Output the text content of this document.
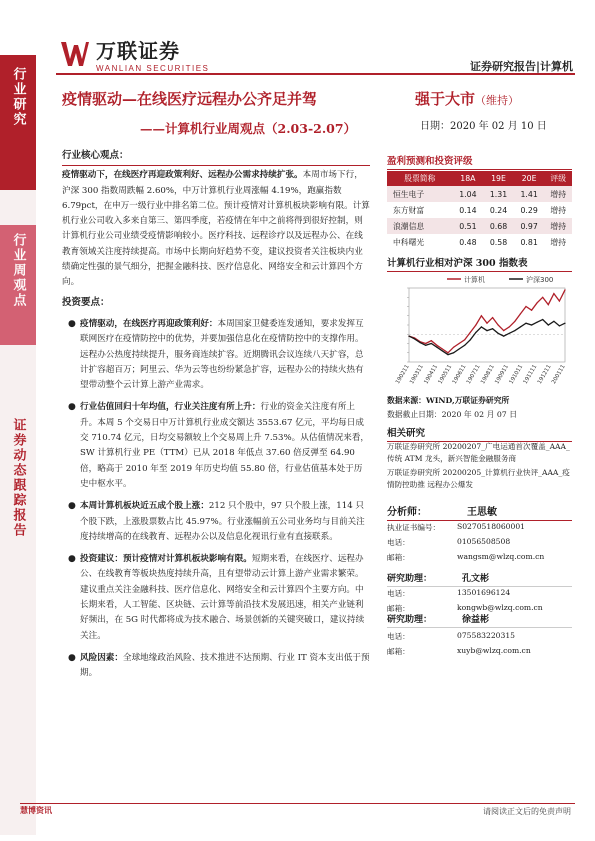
万联证券
WANLIAN SECURITIES	证券研究报告|计算机
行业研究
行业周观点
证券动态跟踪报告
疫情驱动—在线医疗远程办公齐足并驾
——计算机行业周观点（2.03-2.07）
强于大市（维持）
日期：2020 年 02 月 10 日
行业核心观点：
疫情驱动下，在线医疗再迎政策利好、远程办公需求持续扩张。本周市场下行，沪深 300 指数周跌幅 2.60%，中万计算机行业周涨幅 4.19%，跑赢指数 6.79pct，在申万一级行业中排名第二位。预计疫情对计算机板块影响有限。计算机行业公司收入多来自第三、第四季度，若疫情在年中之前将得到很好控制，则计算机行业公司业绩受疫情影响较小。医疗科技、远程诊疗以及远程办公、在线教育领域关注度持续提高。市场中长期向好趋势不变，建议投资者关注板块内业绩确定性强的景气细分，把握金融科技、医疗信息化、网络安全和云计算四个方向。
投资要点：
● 疫情驱动，在线医疗再迎政策利好：本周国家卫健委连发通知，要求发挥互联网医疗在疫情防控中的优势，并要加强信息化在疫情防控中的支撑作用。远程办公热度持续提升，服务商连续扩容。近期腾讯会议连续八天扩容，总计扩容超百万；阿里云、华为云等也纷纷紧急扩容，远程办公的持续火热有望带动整个云计算上游产业需求。
● 行业估值回归十年均值，行业关注度有所上升：行业的资金关注度有所上升。本周 5 个交易日中万计算机行业成交额达 3553.67 亿元，平均每日成交 710.74 亿元，日均交易额较上个交易周上升 7.53%。从估值情况来看，SW 计算机行业 PE（TTM）已从 2018 年低点 37.60 倍反弹至 64.90 倍，略高于 2010 年至 2019 年历史均值 55.80 倍，行业估值基本处于历史中枢水平。
● 本周计算机板块近五成个股上涨：212 只个股中，97 只个股上涨，114 只个股下跌，上涨股票数占比 45.97%。行业涨幅前五公司业务均与目前关注度持续增高的在线教育、远程办公以及信息化视讯行业有直接联系。
● 投资建议：预计疫情对计算机板块影响有限。短期来看，在线医疗、远程办公、在线教育等板块热度持续升高，且有望带动云计算上游产业需求繁荣。建议重点关注金融科技、医疗信息化、网络安全和云计算四个主要方向。中长期来看，人工智能、区块链、云计算等前沿技术发展迅速，相关产业链利好频出，在 5G 时代都将成为技术融合、场景创新的关键突破口，建议持续关注。
● 风险因素：全球地缘政治风险、技术推进不达预期、行业 IT 资本支出低于预期。
盈利预测和投资评级
股票简称	18A	19E	20E	评级
恒生电子	1.04	1.31	1.41	增持
东方财富	0.14	0.24	0.29	增持
浪潮信息	0.51	0.68	0.97	增持
中科曙光	0.48	0.58	0.81	增持
计算机行业相对沪深 300 指数表
计算机	沪深300
190211
190311
190411
190511
190611
190711
190811
190911
191011
191111
191211
200111
数据来源：WIND,万联证券研究所
数据截止日期：2020 年 02 月 07 日
相关研究
万联证券研究所 20200207_广电运通首次覆盖_AAA_传统 ATM 龙头，新兴智能金融服务商
万联证券研究所 20200205_计算机行业快评_AAA_疫情防控助推 远程办公爆发
分析师：	王思敏
执业证书编号：	S0270518060001
电话：	01056508508
邮箱：	wangsm@wlzq.com.cn
研究助理：	孔文彬
电话：	13501696124
邮箱：	kongwb@wlzq.com.cn
研究助理：	徐益彬
电话：	075583220315
邮箱：	xuyb@wlzq.com.cn
慧博资讯	请阅读正文后的免责声明
